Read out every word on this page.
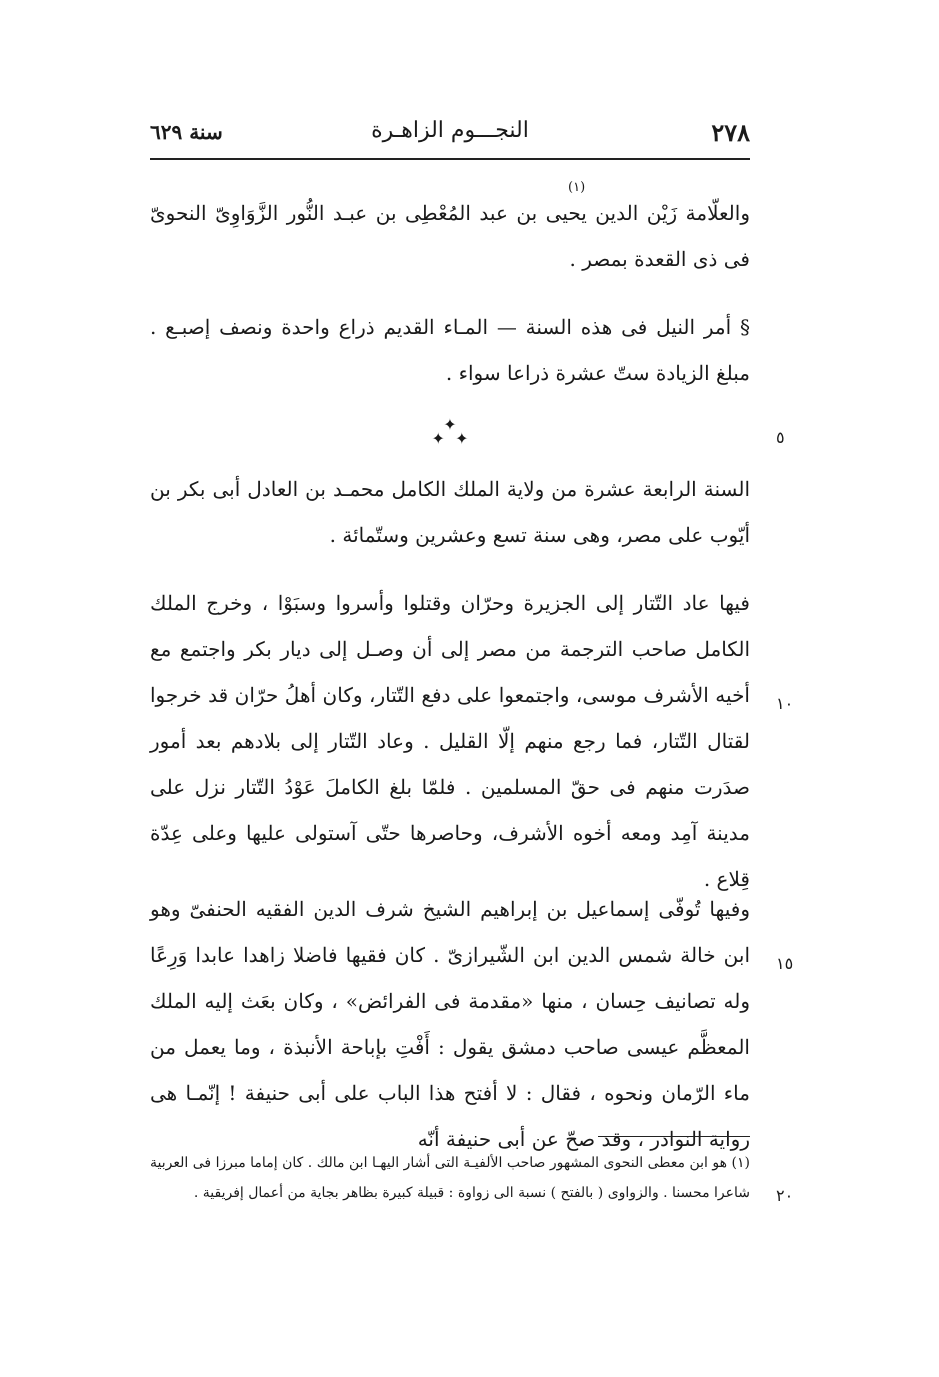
٢٧٨
النجـــوم الزاهـرة
سنة ٦٢٩
(١)

والعلّامة زَيْن الدين يحيى بن عبد المُعْطِى بن عبـد النُّور الزَّوَاوِىّ النحوىّ فى ذى القعدة بمصر .

§ أمر النيل فى هذه السنة — المـاء القديم ذراع واحدة ونصف إصبـع . مبلغ الزيادة ستّ عشرة ذراعا سواء .

✦
✦  ✦

السنة الرابعة عشرة من ولاية الملك الكامل محمـد بن العادل أبى بكر بن أيّوب على مصر، وهى سنة تسع وعشرين وستّمائة .

فيها عاد التّتار إلى الجزيرة وحرّان وقتلوا وأسروا وسبَوْا ، وخرج الملك الكامل صاحب الترجمة من مصر إلى أن وصـل إلى ديار بكر واجتمع مع أخيه الأشرف موسى، واجتمعوا على دفع التّتار، وكان أهلُ حرّان قد خرجوا لقتال التّتار، فما رجع منهم إلّا القليل . وعاد التّتار إلى بلادهم بعد أمور صدَرت منهم فى حقّ المسلمين . فلمّا بلغ الكاملَ عَوْدُ التّتار نزل على مدينة آمِد ومعه أخوه الأشرف، وحاصرها حتّى آستولى عليها وعلى عِدّة قِلاع .

وفيها تُوفّى إسماعيل بن إبراهيم الشيخ شرف الدين الفقيه الحنفىّ وهو ابن خالة شمس الدين ابن الشّيرازىّ . كان فقيها فاضلا زاهدا عابدا وَرِعًا وله تصانيف حِسان ، منها «مقدمة فى الفرائض» ، وكان بعَث إليه الملك المعظَّم عيسى صاحب دمشق يقول : أَفْتِ بإباحة الأنبذة ، وما يعمل من ماء الرّمان ونحوه ، فقال : لا أفتح هذا الباب على أبى حنيفة ! إنّمـا هى رواية النوادر ، وقد صحّ عن أبى حنيفة أنّه

(١) هو ابن معطى النحوى المشهور صاحب الألفيـة التى أشار اليهـا ابن مالك . كان إماما مبرزا فى العربية شاعرا محسنا . والزواوى ( بالفتح ) نسبة الى زواوة : قبيلة كبيرة بظاهر بجاية من أعمال إفريقية .

٥
١٠
١٥
٢٠
